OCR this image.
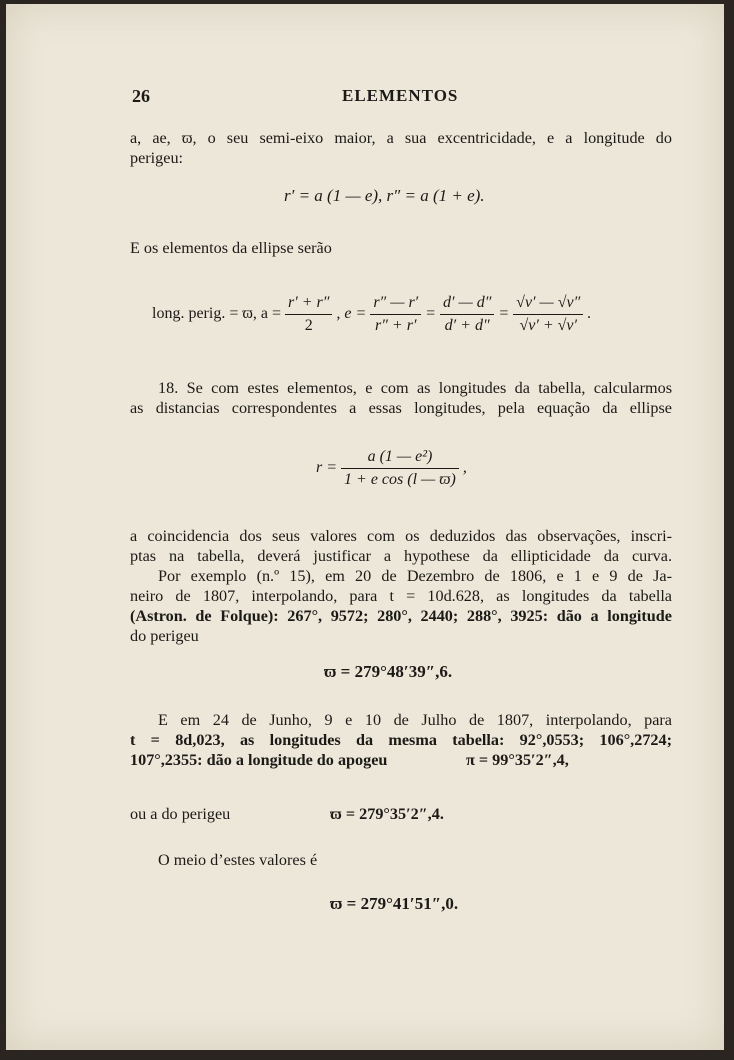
26	ELEMENTOS
a, ae, ϖ, o seu semi-eixo maior, a sua excentricidade, e a longitude do
perigeu:
r′ = a (1 — e), r″ = a (1 + e).
E os elementos da ellipse serão
long. perig. = ϖ, $a = \frac{r' + r''}{2}$ , $e = \frac{r'' — r'}{r'' + r'} = \frac{d' — d''}{d' + d''} = \frac{√v' — √v''}{√v' + √v'}$ .
18. Se com estes elementos, e com as longitudes da tabella, calcularmos
as distancias correspondentes a essas longitudes, pela equação da ellipse
$r = \frac{\text{a (1 — e²)}}{\text{1 + e cos (l — ϖ)}}$ ,
a coincidencia dos seus valores com os deduzidos das observações, inscri-
ptas na tabella, deverá justificar a hypothese da ellipticidade da curva.
Por exemplo (n.º 15), em 20 de Dezembro de 1806, e 1 e 9 de Ja-
neiro de 1807, interpolando, para t = 10d.628, as longitudes da tabella
(Astron. de Folque): 267°, 9572; 280°, 2440; 288°, 3925: dão a longitude
do perigeu
ϖ = 279°48′39″,6.
E em 24 de Junho, 9 e 10 de Julho de 1807, interpolando, para
t = 8d,023, as longitudes da mesma tabella: 92°,0553; 106°,2724;
107°,2355: dão a longitude do apogeu	π = 99°35′2″,4,
ou a do perigeu	ϖ = 279°35′2″,4.
O meio d’estes valores é
ϖ = 279°41′51″,0.
